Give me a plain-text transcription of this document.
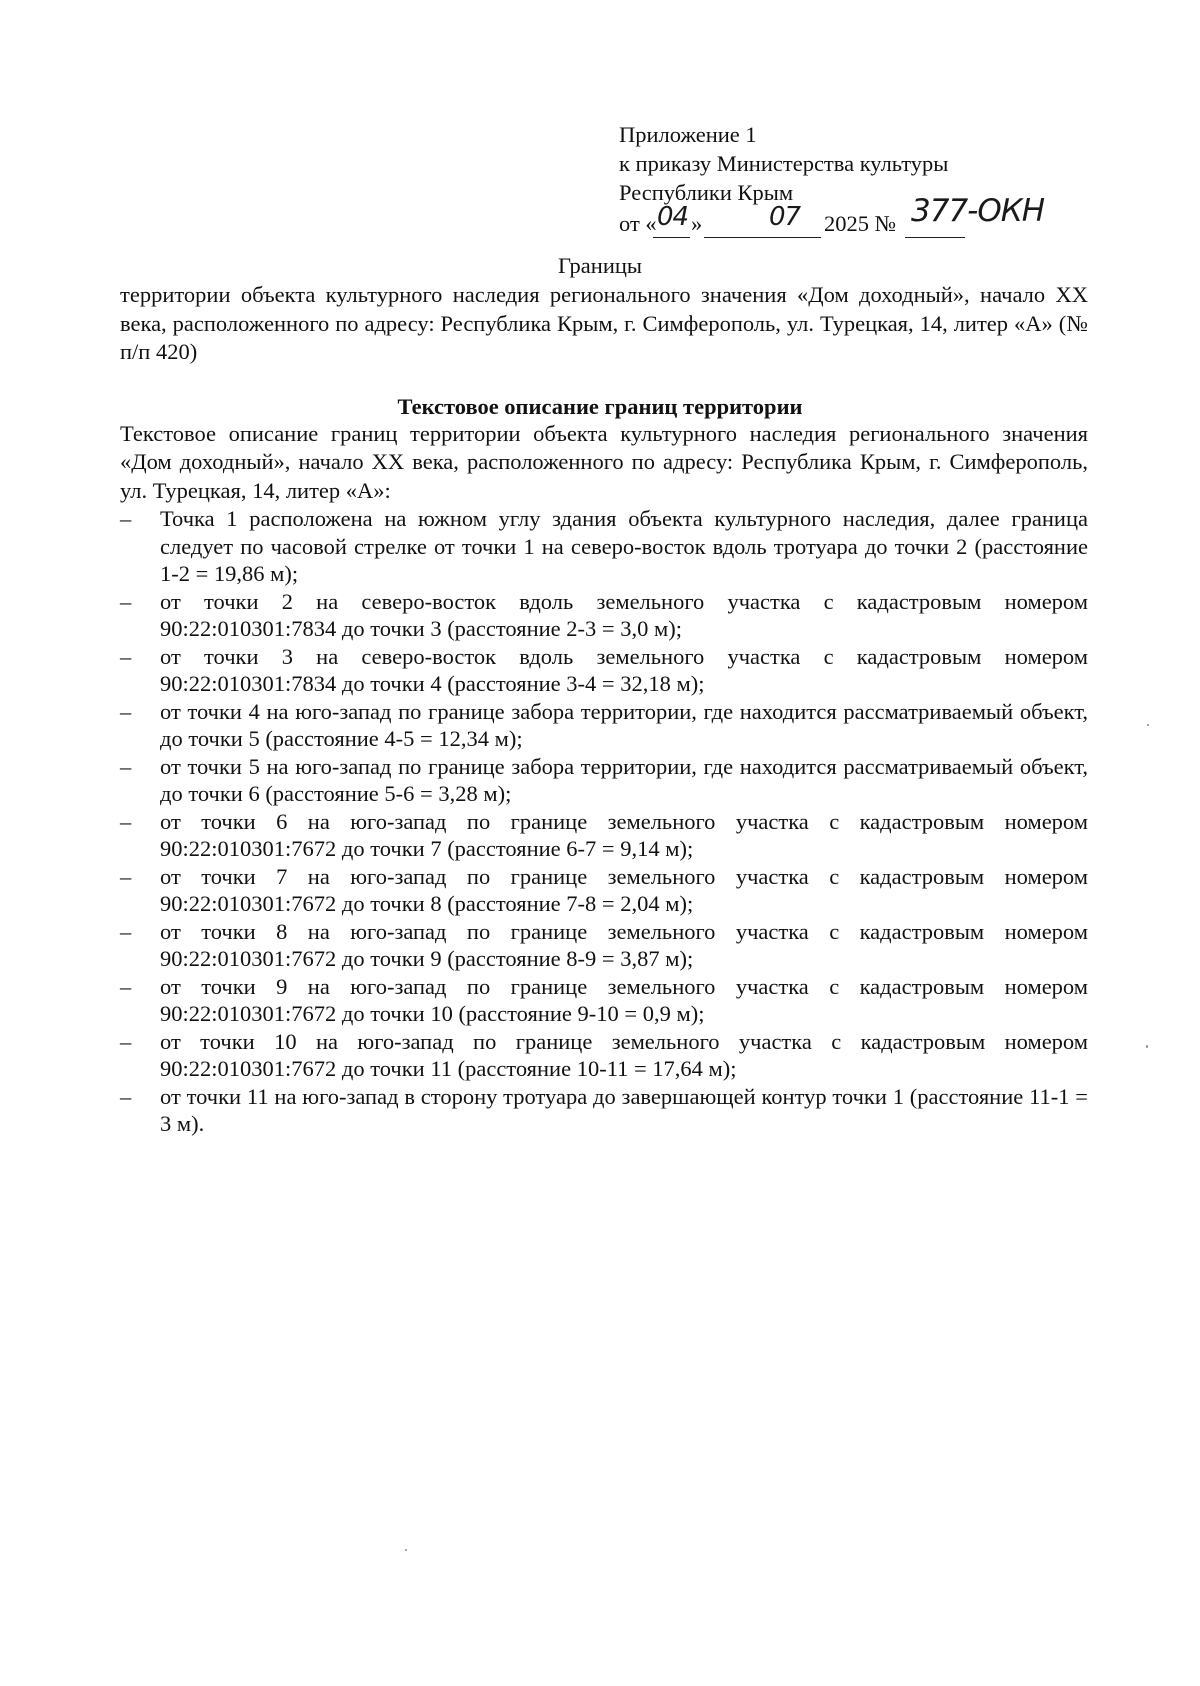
Приложение 1
к приказу Министерства культуры
Республики Крым
от « 04 »	07 2025 № 377-ОКН
Границы
территории объекта культурного наследия регионального значения «Дом доходный», начало XX века, расположенного по адресу: Республика Крым, г. Симферополь, ул. Турецкая, 14, литер «А» (№ п/п 420)
Текстовое описание границ территории
Текстовое описание границ территории объекта культурного наследия регионального значения «Дом доходный», начало XX века, расположенного по адресу: Республика Крым, г. Симферополь, ул. Турецкая, 14, литер «А»:
– Точка 1 расположена на южном углу здания объекта культурного наследия, далее граница следует по часовой стрелке от точки 1 на северо-восток вдоль тротуара до точки 2 (расстояние 1-2 = 19,86 м);
– от точки 2 на северо-восток вдоль земельного участка с кадастровым номером 90:22:010301:7834 до точки 3 (расстояние 2-3 = 3,0 м);
– от точки 3 на северо-восток вдоль земельного участка с кадастровым номером 90:22:010301:7834 до точки 4 (расстояние 3-4 = 32,18 м);
– от точки 4 на юго-запад по границе забора территории, где находится рассматриваемый объект, до точки 5 (расстояние 4-5 = 12,34 м);
– от точки 5 на юго-запад по границе забора территории, где находится рассматриваемый объект, до точки 6 (расстояние 5-6 = 3,28 м);
– от точки 6 на юго-запад по границе земельного участка с кадастровым номером 90:22:010301:7672 до точки 7 (расстояние 6-7 = 9,14 м);
– от точки 7 на юго-запад по границе земельного участка с кадастровым номером 90:22:010301:7672 до точки 8 (расстояние 7-8 = 2,04 м);
– от точки 8 на юго-запад по границе земельного участка с кадастровым номером 90:22:010301:7672 до точки 9 (расстояние 8-9 = 3,87 м);
– от точки 9 на юго-запад по границе земельного участка с кадастровым номером 90:22:010301:7672 до точки 10 (расстояние 9-10 = 0,9 м);
– от точки 10 на юго-запад по границе земельного участка с кадастровым номером 90:22:010301:7672 до точки 11 (расстояние 10-11 = 17,64 м);
– от точки 11 на юго-запад в сторону тротуара до завершающей контур точки 1 (расстояние 11-1 = 3 м).
